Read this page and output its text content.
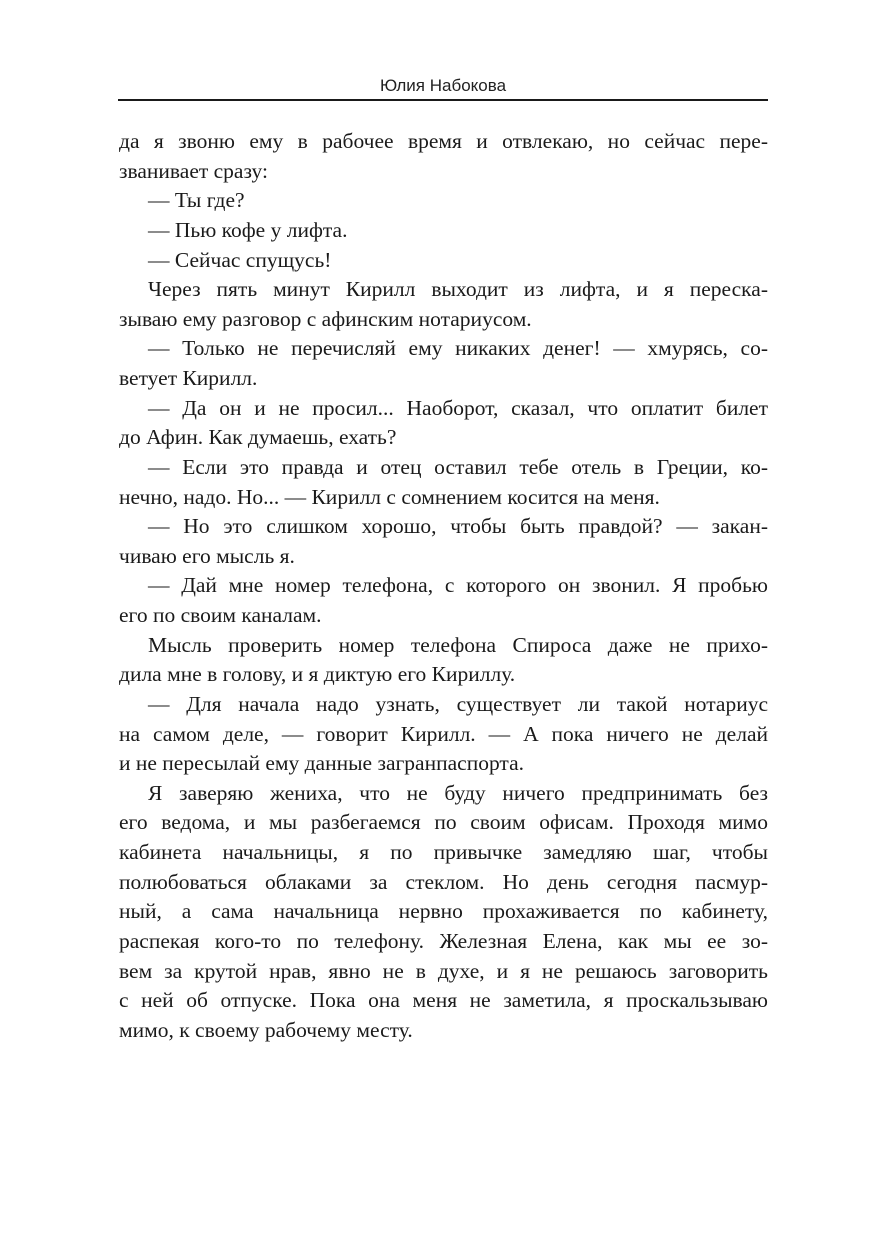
Юлия Набокова
да я звоню ему в рабочее время и отвлекаю, но сейчас пере-
званивает сразу:
— Ты где?
— Пью кофе у лифта.
— Сейчас спущусь!
Через пять минут Кирилл выходит из лифта, и я переска-
зываю ему разговор с афинским нотариусом.
— Только не перечисляй ему никаких денег! — хмурясь, со-
ветует Кирилл.
— Да он и не просил... Наоборот, сказал, что оплатит билет
до Афин. Как думаешь, ехать?
— Если это правда и отец оставил тебе отель в Греции, ко-
нечно, надо. Но... — Кирилл с сомнением косится на меня.
— Но это слишком хорошо, чтобы быть правдой? — закан-
чиваю его мысль я.
— Дай мне номер телефона, с которого он звонил. Я пробью
его по своим каналам.
Мысль проверить номер телефона Спироса даже не прихо-
дила мне в голову, и я диктую его Кириллу.
— Для начала надо узнать, существует ли такой нотариус
на самом деле, — говорит Кирилл. — А пока ничего не делай
и не пересылай ему данные загранпаспорта.
Я заверяю жениха, что не буду ничего предпринимать без
его ведома, и мы разбегаемся по своим офисам. Проходя мимо
кабинета начальницы, я по привычке замедляю шаг, чтобы
полюбоваться облаками за стеклом. Но день сегодня пасмур-
ный, а сама начальница нервно прохаживается по кабинету,
распекая кого-то по телефону. Железная Елена, как мы ее зо-
вем за крутой нрав, явно не в духе, и я не решаюсь заговорить
с ней об отпуске. Пока она меня не заметила, я проскальзываю
мимо, к своему рабочему месту.
